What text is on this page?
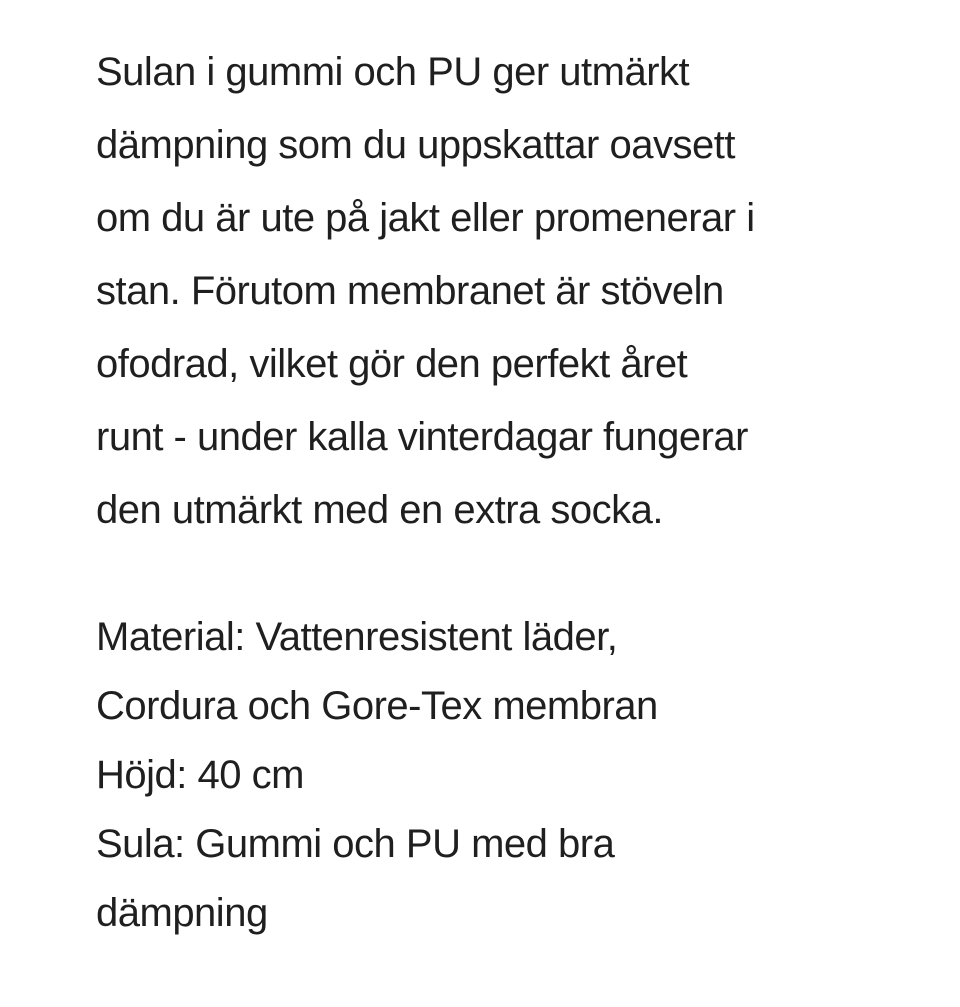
Sulan i gummi och PU ger utmärkt
dämpning som du uppskattar oavsett
om du är ute på jakt eller promenerar i
stan. Förutom membranet är stöveln
ofodrad, vilket gör den perfekt året
runt - under kalla vinterdagar fungerar
den utmärkt med en extra socka.

Material: Vattenresistent läder,
Cordura och Gore-Tex membran
Höjd: 40 cm
Sula: Gummi och PU med bra
dämpning
